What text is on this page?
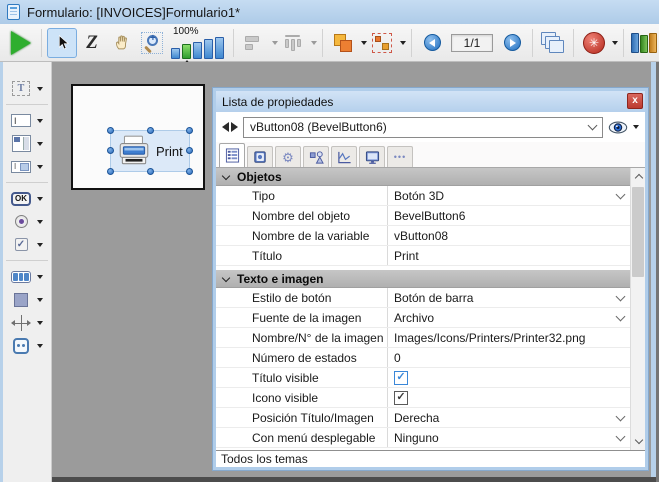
Formulario: [INVOICES]Formulario1*
Z
+
100%
1/1	✳
T
I
I
OK
✓
Print
Lista de propiedades	x
vButton08 (BevelButton6)
⚙	•••
Objetos
Tipo	Botón 3D
Nombre del objeto	BevelButton6
Nombre de la variable	vButton08
Título	Print
Texto e imagen
Estilo de botón	Botón de barra
Fuente de la imagen	Archivo
Nombre/N° de la imagen Images/Icons/Printers/Printer32.png
Número de estados	0
Título visible	✓
Icono visible	✓
Posición Título/Imagen	Derecha
Con menú desplegable	Ninguno
Todos los temas
